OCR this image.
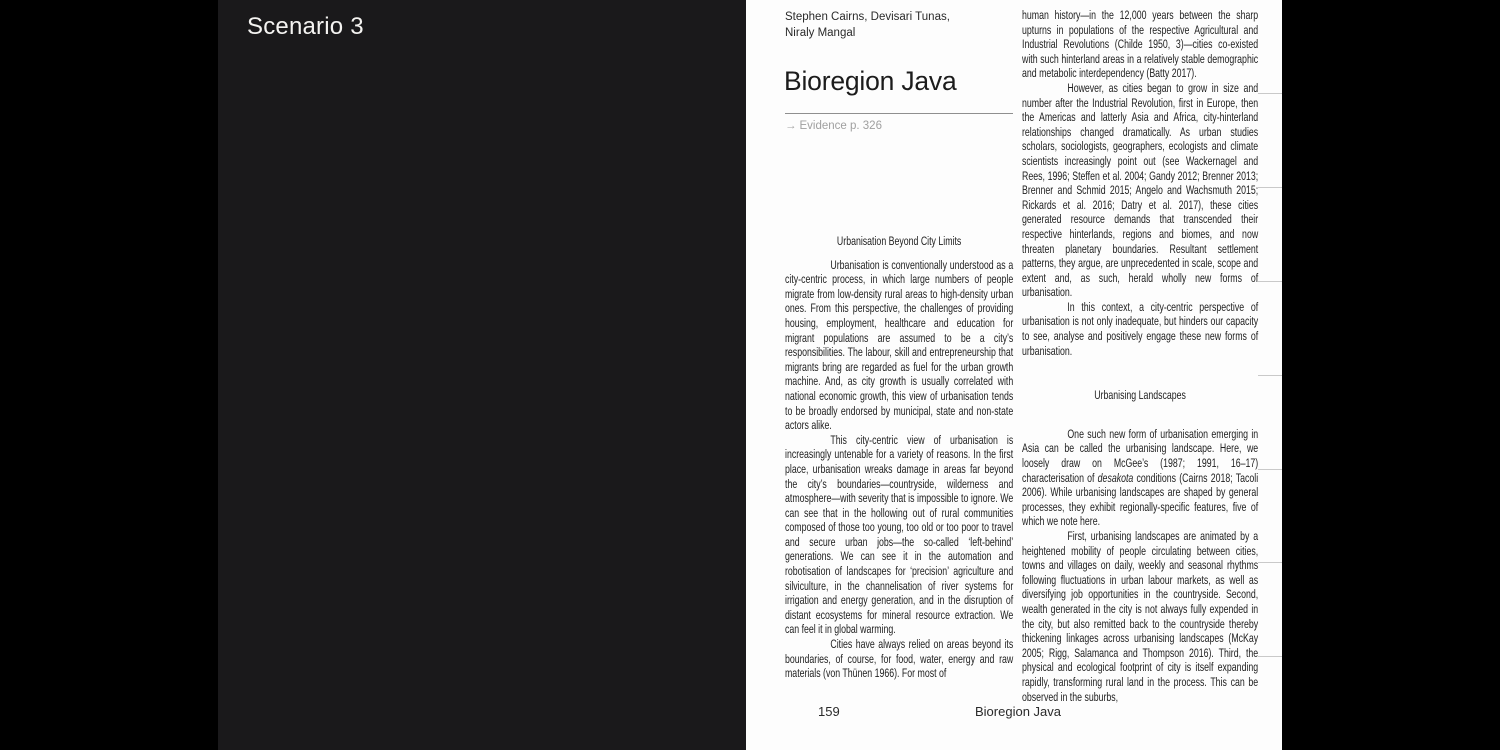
Scenario 3	Stephen Cairns, Devisari Tunas,
Niraly Mangal
Bioregion Java
→ Evidence p. 326
Urbanisation Beyond City Limits

Urbanisation is conventionally understood as a city-centric process, in which large numbers of people migrate from low-density rural areas to high-density urban ones. From this perspective, the challenges of providing housing, employment, healthcare and education for migrant populations are assumed to be a city’s responsibilities. The labour, skill and entrepreneurship that migrants bring are regarded as fuel for the urban growth machine. And, as city growth is usually correlated with national economic growth, this view of urbanisation tends to be broadly endorsed by municipal, state and non-state actors alike.

This city-centric view of urbanisation is increasingly untenable for a variety of reasons. In the first place, urbanisation wreaks damage in areas far beyond the city’s boundaries—countryside, wilderness and atmosphere—with severity that is impossible to ignore. We can see that in the hollowing out of rural communities composed of those too young, too old or too poor to travel and secure urban jobs—the so-called ‘left-behind’ generations. We can see it in the automation and robotisation of landscapes for ‘precision’ agriculture and silviculture, in the channelisation of river systems for irrigation and energy generation, and in the disruption of distant ecosystems for mineral resource extraction. We can feel it in global warming.

Cities have always relied on areas beyond its boundaries, of course, for food, water, energy and raw materials (von Thünen 1966). For most of

human history—in the 12,000 years between the sharp upturns in populations of the respective Agricultural and Industrial Revolutions (Childe 1950, 3)—cities co-existed with such hinterland areas in a relatively stable demographic and metabolic interdependency (Batty 2017).

However, as cities began to grow in size and number after the Industrial Revolution, first in Europe, then the Americas and latterly Asia and Africa, city-hinterland relationships changed dramatically. As urban studies scholars, sociologists, geographers, ecologists and climate scientists increasingly point out (see Wackernagel and Rees, 1996; Steffen et al. 2004; Gandy 2012; Brenner 2013; Brenner and Schmid 2015; Angelo and Wachsmuth 2015; Rickards et al. 2016; Datry et al. 2017), these cities generated resource demands that transcended their respective hinterlands, regions and biomes, and now threaten planetary boundaries. Resultant settlement patterns, they argue, are unprecedented in scale, scope and extent and, as such, herald wholly new forms of urbanisation.

In this context, a city-centric perspective of urbanisation is not only inadequate, but hinders our capacity to see, analyse and positively engage these new forms of urbanisation.

Urbanising Landscapes

One such new form of urbanisation emerging in Asia can be called the urbanising landscape. Here, we loosely draw on McGee’s (1987; 1991, 16–17) characterisation of desakota conditions (Cairns 2018; Tacoli 2006). While urbanising landscapes are shaped by general processes, they exhibit regionally-specific features, five of which we note here.

First, urbanising landscapes are animated by a heightened mobility of people circulating between cities, towns and villages on daily, weekly and seasonal rhythms following fluctuations in urban labour markets, as well as diversifying job opportunities in the countryside. Second, wealth generated in the city is not always fully expended in the city, but also remitted back to the countryside thereby thickening linkages across urbanising landscapes (McKay 2005; Rigg, Salamanca and Thompson 2016). Third, the physical and ecological footprint of city is itself expanding rapidly, transforming rural land in the process. This can be observed in the suburbs,

159	Bioregion Java
